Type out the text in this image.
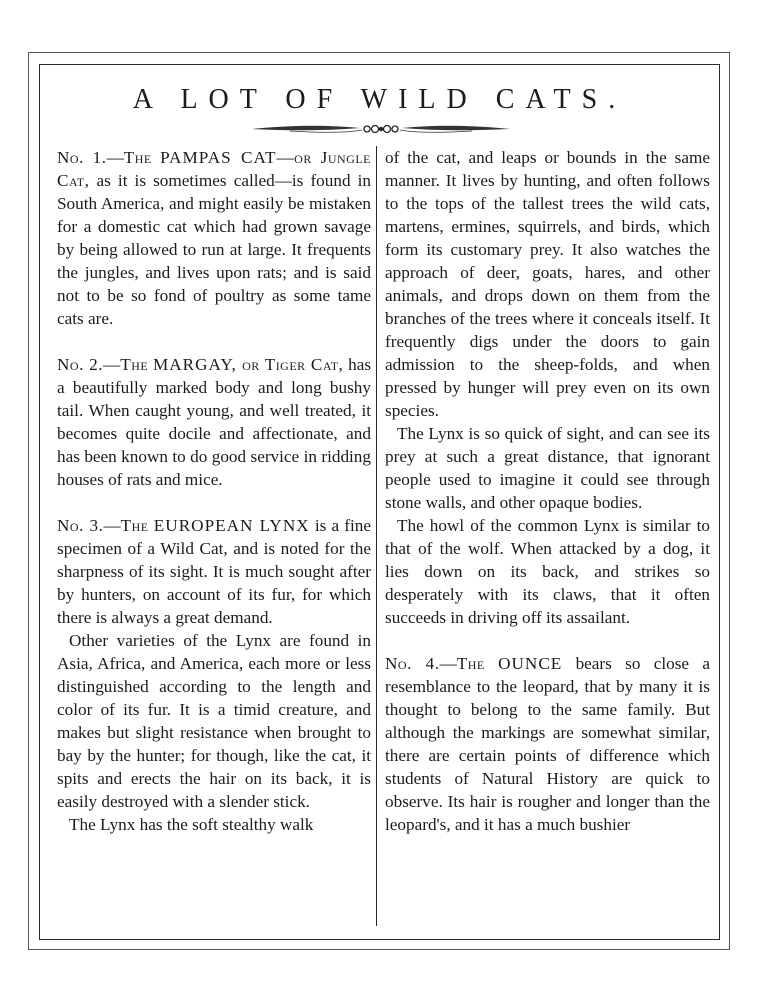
A LOT OF WILD CATS.

No. 1.—The PAMPAS CAT—or Jungle Cat, as it is sometimes called—is found in South America, and might easily be mistaken for a domestic cat which had grown savage by being allowed to run at large. It frequents the jungles, and lives upon rats; and is said not to be so fond of poultry as some tame cats are.

No. 2.—The MARGAY, or Tiger Cat, has a beautifully marked body and long bushy tail. When caught young, and well treated, it becomes quite docile and affectionate, and has been known to do good service in ridding houses of rats and mice.

No. 3.—The EUROPEAN LYNX is a fine specimen of a Wild Cat, and is noted for the sharpness of its sight. It is much sought after by hunters, on account of its fur, for which there is always a great demand.

Other varieties of the Lynx are found in Asia, Africa, and America, each more or less distinguished according to the length and color of its fur. It is a timid creature, and makes but slight resistance when brought to bay by the hunter; for though, like the cat, it spits and erects the hair on its back, it is easily destroyed with a slender stick.

The Lynx has the soft stealthy walk

of the cat, and leaps or bounds in the same manner. It lives by hunting, and often follows to the tops of the tallest trees the wild cats, martens, ermines, squirrels, and birds, which form its customary prey. It also watches the approach of deer, goats, hares, and other animals, and drops down on them from the branches of the trees where it conceals itself. It frequently digs under the doors to gain admission to the sheep-folds, and when pressed by hunger will prey even on its own species.

The Lynx is so quick of sight, and can see its prey at such a great distance, that ignorant people used to imagine it could see through stone walls, and other opaque bodies.

The howl of the common Lynx is similar to that of the wolf. When attacked by a dog, it lies down on its back, and strikes so desperately with its claws, that it often succeeds in driving off its assailant.

No. 4.—The OUNCE bears so close a resemblance to the leopard, that by many it is thought to belong to the same family. But although the markings are somewhat similar, there are certain points of difference which students of Natural History are quick to observe. Its hair is rougher and longer than the leopard's, and it has a much bushier
